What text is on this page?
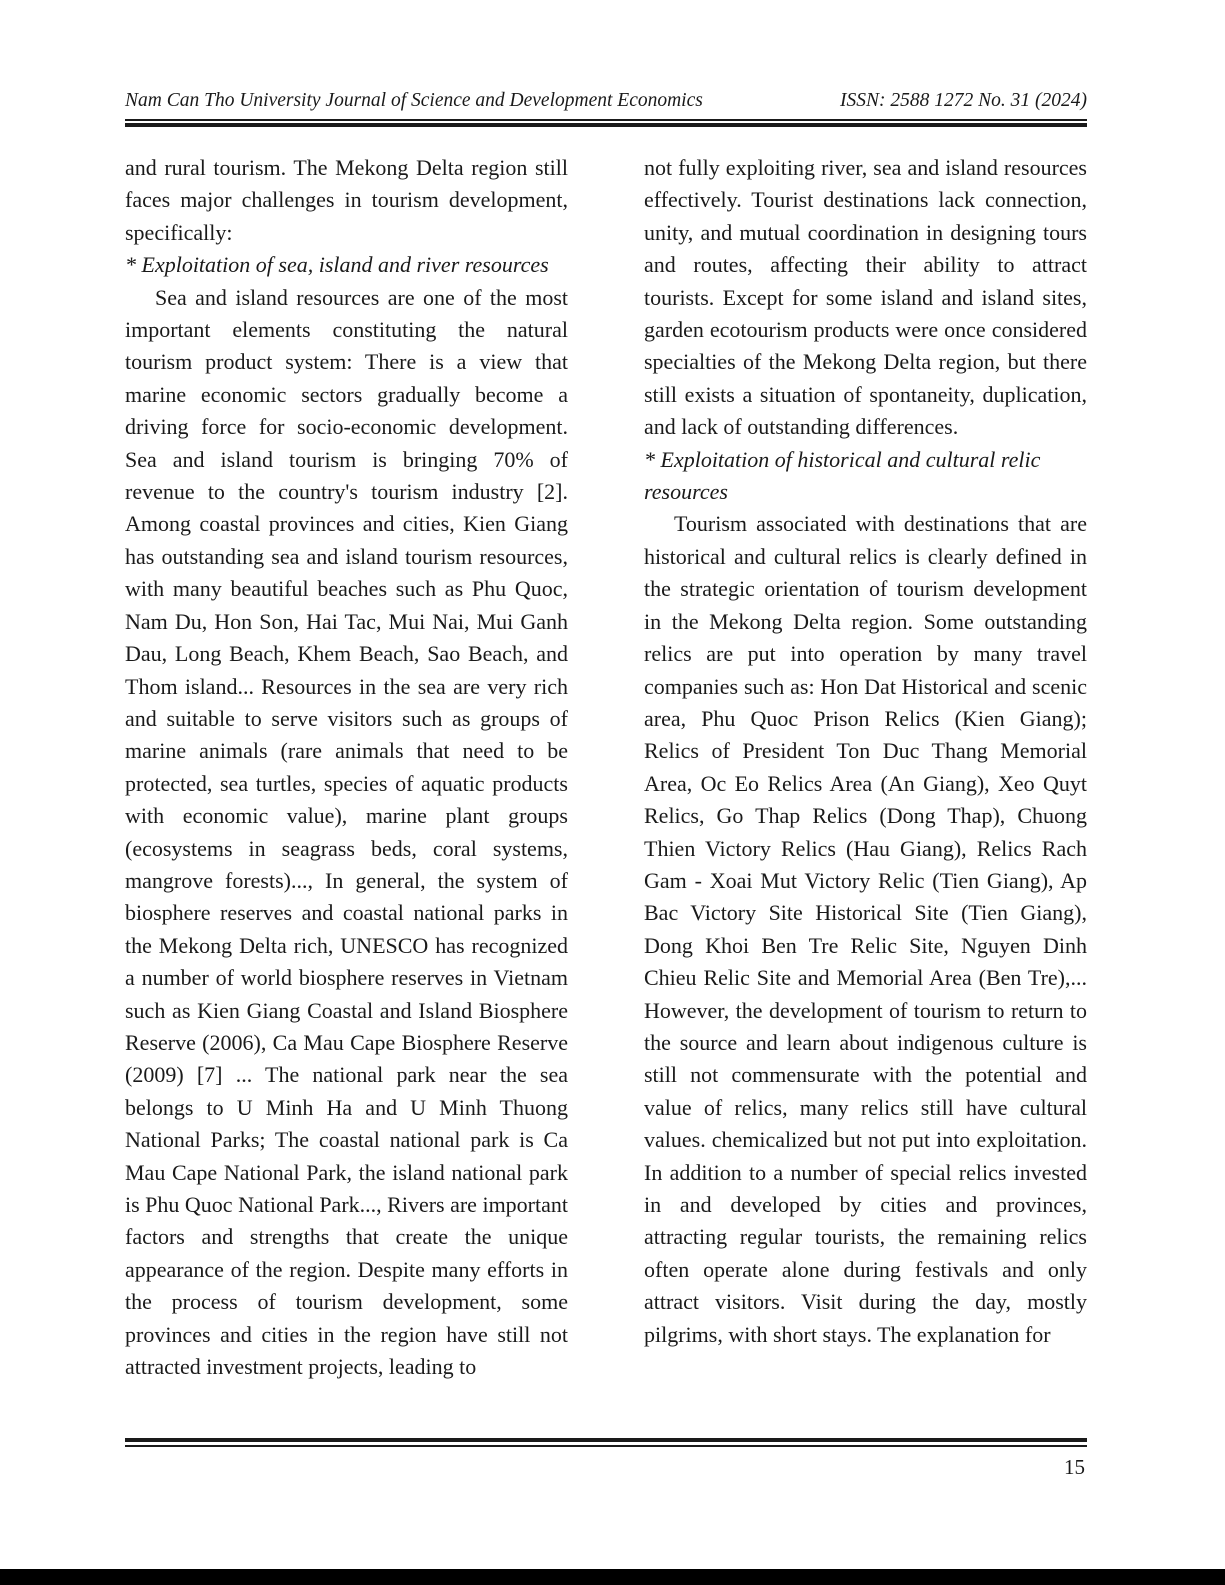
Nam Can Tho University Journal of Science and Development Economics	ISSN: 2588 1272 No. 31 (2024)

and rural tourism. The Mekong Delta region still faces major challenges in tourism development, specifically:

* Exploitation of sea, island and river resources

Sea and island resources are one of the most important elements constituting the natural tourism product system: There is a view that marine economic sectors gradually become a driving force for socio-economic development. Sea and island tourism is bringing 70% of revenue to the country's tourism industry [2]. Among coastal provinces and cities, Kien Giang has outstanding sea and island tourism resources, with many beautiful beaches such as Phu Quoc, Nam Du, Hon Son, Hai Tac, Mui Nai, Mui Ganh Dau, Long Beach, Khem Beach, Sao Beach, and Thom island... Resources in the sea are very rich and suitable to serve visitors such as groups of marine animals (rare animals that need to be protected, sea turtles, species of aquatic products with economic value), marine plant groups (ecosystems in seagrass beds, coral systems, mangrove forests)..., In general, the system of biosphere reserves and coastal national parks in the Mekong Delta rich, UNESCO has recognized a number of world biosphere reserves in Vietnam such as Kien Giang Coastal and Island Biosphere Reserve (2006), Ca Mau Cape Biosphere Reserve (2009) [7] ... The national park near the sea belongs to U Minh Ha and U Minh Thuong National Parks; The coastal national park is Ca Mau Cape National Park, the island national park is Phu Quoc National Park..., Rivers are important factors and strengths that create the unique appearance of the region. Despite many efforts in the process of tourism development, some provinces and cities in the region have still not attracted investment projects, leading to

not fully exploiting river, sea and island resources effectively. Tourist destinations lack connection, unity, and mutual coordination in designing tours and routes, affecting their ability to attract tourists. Except for some island and island sites, garden ecotourism products were once considered specialties of the Mekong Delta region, but there still exists a situation of spontaneity, duplication, and lack of outstanding differences.

* Exploitation of historical and cultural relic resources

Tourism associated with destinations that are historical and cultural relics is clearly defined in the strategic orientation of tourism development in the Mekong Delta region. Some outstanding relics are put into operation by many travel companies such as: Hon Dat Historical and scenic area, Phu Quoc Prison Relics (Kien Giang); Relics of President Ton Duc Thang Memorial Area, Oc Eo Relics Area (An Giang), Xeo Quyt Relics, Go Thap Relics (Dong Thap), Chuong Thien Victory Relics (Hau Giang), Relics Rach Gam - Xoai Mut Victory Relic (Tien Giang), Ap Bac Victory Site Historical Site (Tien Giang), Dong Khoi Ben Tre Relic Site, Nguyen Dinh Chieu Relic Site and Memorial Area (Ben Tre),... However, the development of tourism to return to the source and learn about indigenous culture is still not commensurate with the potential and value of relics, many relics still have cultural values. chemicalized but not put into exploitation. In addition to a number of special relics invested in and developed by cities and provinces, attracting regular tourists, the remaining relics often operate alone during festivals and only attract visitors. Visit during the day, mostly pilgrims, with short stays. The explanation for

15
